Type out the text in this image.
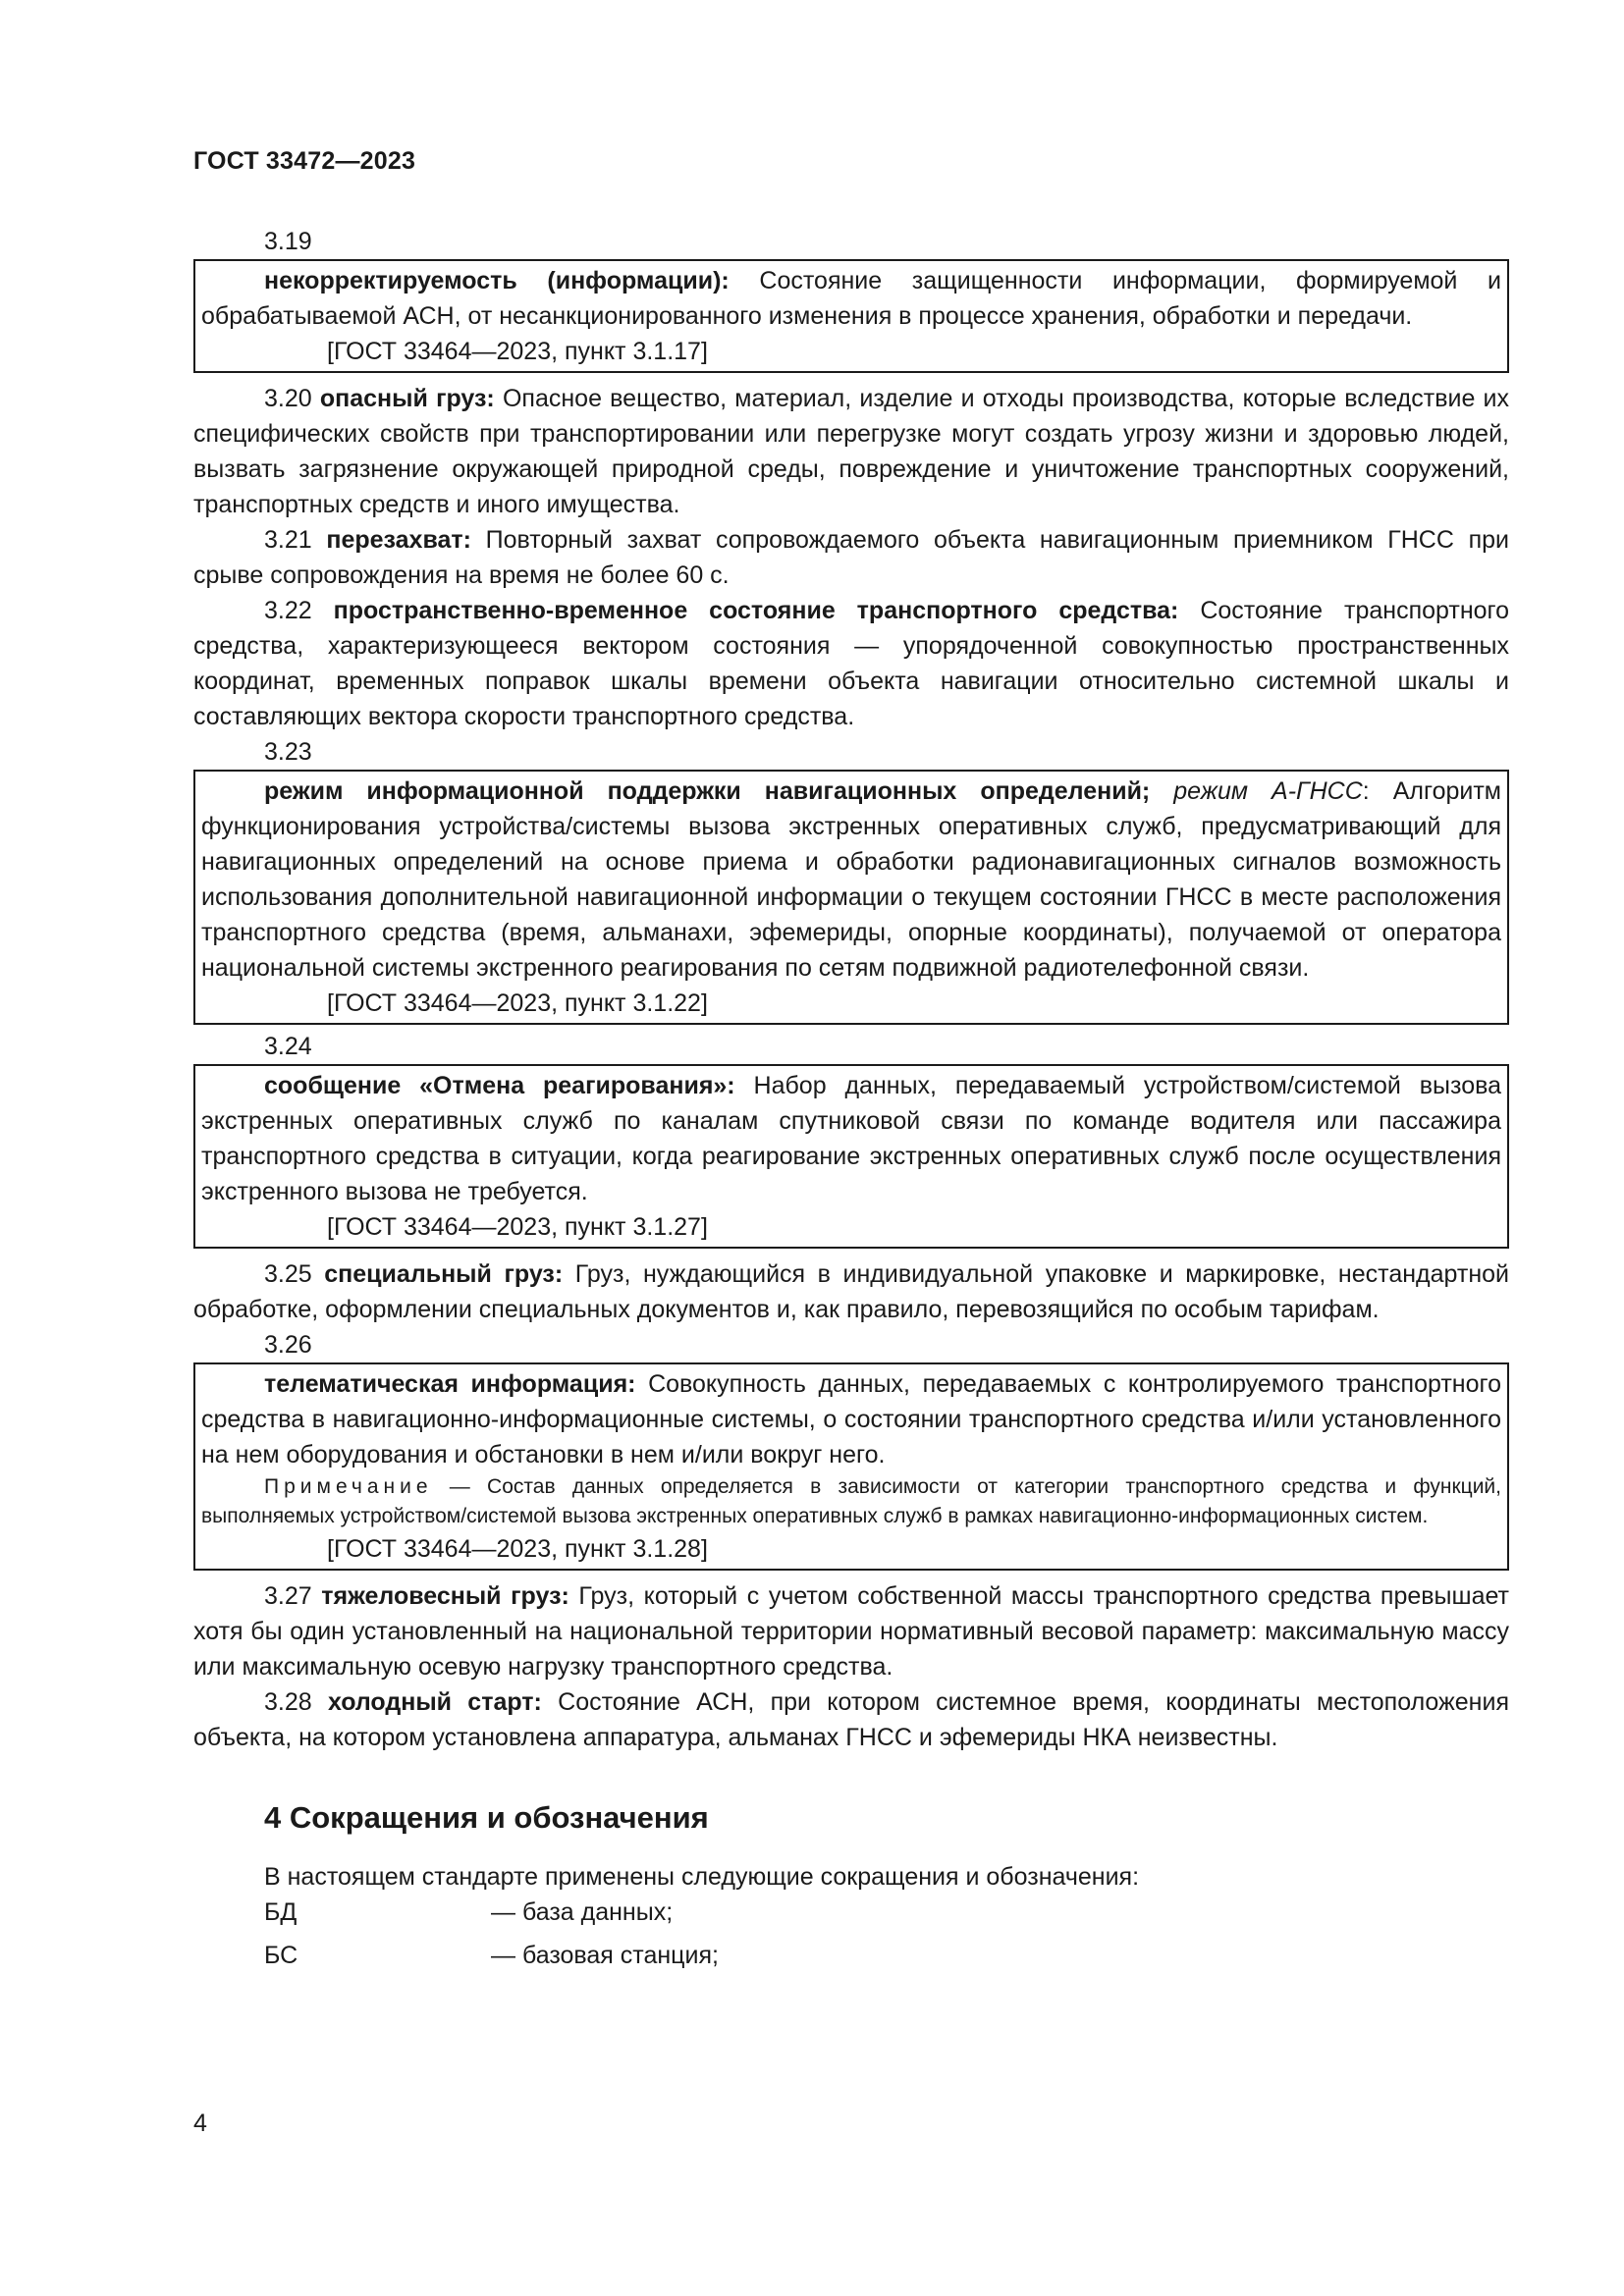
ГОСТ 33472—2023

3.19

некорректируемость (информации): Состояние защищенности информации, формируемой и обрабатываемой АСН, от несанкционированного изменения в процессе хранения, обработки и передачи.

[ГОСТ 33464—2023, пункт 3.1.17]

3.20 опасный груз: Опасное вещество, материал, изделие и отходы производства, которые вследствие их специфических свойств при транспортировании или перегрузке могут создать угрозу жизни и здоровью людей, вызвать загрязнение окружающей природной среды, повреждение и уничтожение транспортных сооружений, транспортных средств и иного имущества.

3.21 перезахват: Повторный захват сопровождаемого объекта навигационным приемником ГНСС при срыве сопровождения на время не более 60 с.

3.22 пространственно-временное состояние транспортного средства: Состояние транспортного средства, характеризующееся вектором состояния — упорядоченной совокупностью пространственных координат, временных поправок шкалы времени объекта навигации относительно системной шкалы и составляющих вектора скорости транспортного средства.

3.23

режим информационной поддержки навигационных определений; режим А-ГНСС: Алгоритм функционирования устройства/системы вызова экстренных оперативных служб, предусматривающий для навигационных определений на основе приема и обработки радионавигационных сигналов возможность использования дополнительной навигационной информации о текущем состоянии ГНСС в месте расположения транспортного средства (время, альманахи, эфемериды, опорные координаты), получаемой от оператора национальной системы экстренного реагирования по сетям подвижной радиотелефонной связи.

[ГОСТ 33464—2023, пункт 3.1.22]

3.24

сообщение «Отмена реагирования»: Набор данных, передаваемый устройством/системой вызова экстренных оперативных служб по каналам спутниковой связи по команде водителя или пассажира транспортного средства в ситуации, когда реагирование экстренных оперативных служб после осуществления экстренного вызова не требуется.

[ГОСТ 33464—2023, пункт 3.1.27]

3.25 специальный груз: Груз, нуждающийся в индивидуальной упаковке и маркировке, нестандартной обработке, оформлении специальных документов и, как правило, перевозящийся по особым тарифам.

3.26

телематическая информация: Совокупность данных, передаваемых с контролируемого транспортного средства в навигационно-информационные системы, о состоянии транспортного средства и/или установленного на нем оборудования и обстановки в нем и/или вокруг него.

Примечание — Состав данных определяется в зависимости от категории транспортного средства и функций, выполняемых устройством/системой вызова экстренных оперативных служб в рамках навигационно-информационных систем.

[ГОСТ 33464—2023, пункт 3.1.28]

3.27 тяжеловесный груз: Груз, который с учетом собственной массы транспортного средства превышает хотя бы один установленный на национальной территории нормативный весовой параметр: максимальную массу или максимальную осевую нагрузку транспортного средства.

3.28 холодный старт: Состояние АСН, при котором системное время, координаты местоположения объекта, на котором установлена аппаратура, альманах ГНСС и эфемериды НКА неизвестны.

4 Сокращения и обозначения

В настоящем стандарте применены следующие сокращения и обозначения:

БД	— база данных;
БС	— базовая станция;
4
